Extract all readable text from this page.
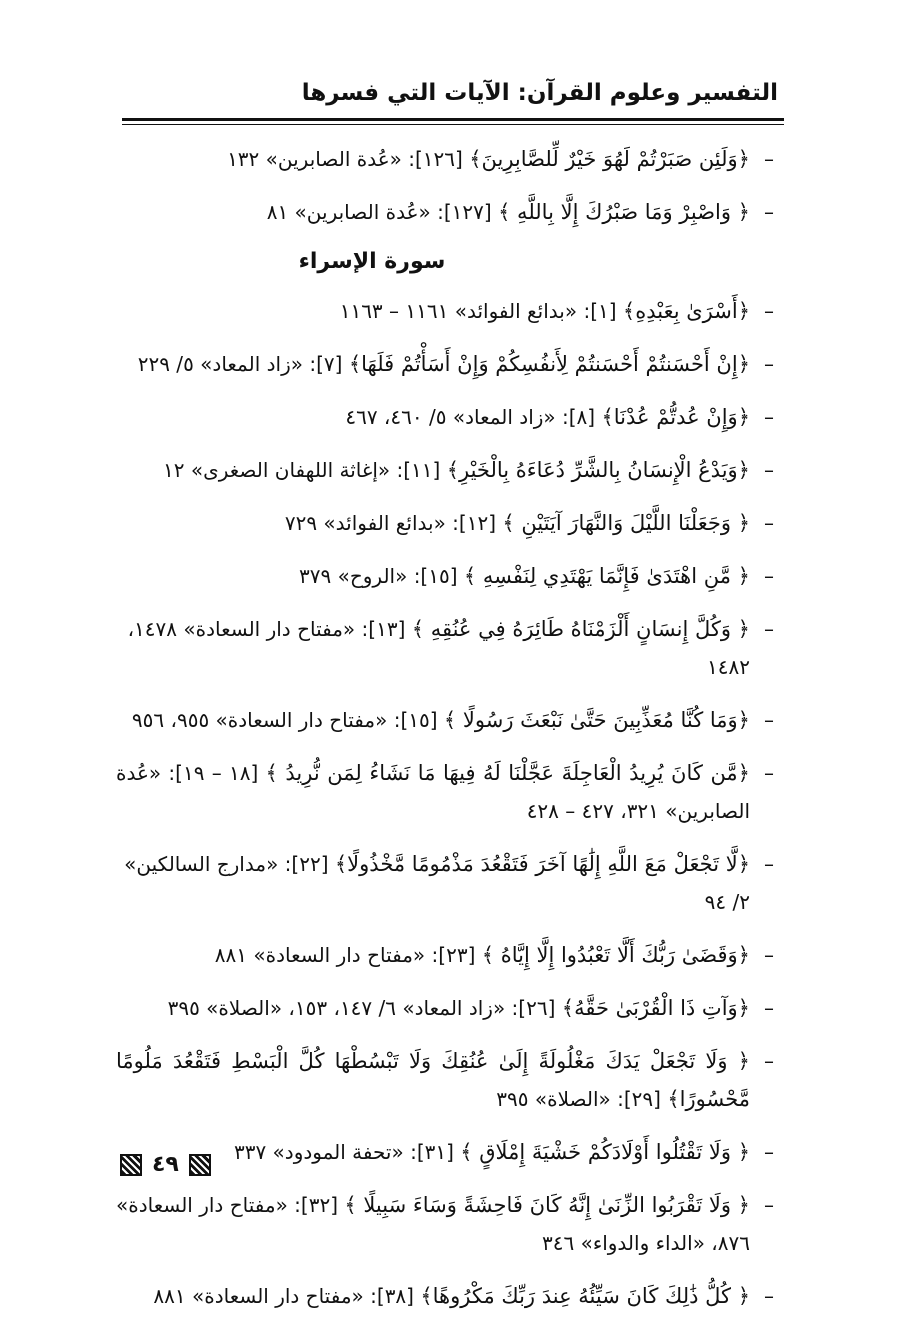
التفسير وعلوم القرآن: الآيات التي فسرها
–
﴿وَلَئِن صَبَرْتُمْ لَهُوَ خَيْرٌ لِّلصَّابِرِينَ﴾ [١٢٦]: «عُدة الصابرين» ١٣٢
–
﴿ وَاصْبِرْ وَمَا صَبْرُكَ إِلَّا بِاللَّهِ ﴾ [١٢٧]: «عُدة الصابرين» ٨١
سورة الإسراء
–
﴿أَسْرَىٰ بِعَبْدِهِ﴾ [١]: «بدائع الفوائد» ١١٦١ – ١١٦٣
–
﴿إِنْ أَحْسَنتُمْ أَحْسَنتُمْ لِأَنفُسِكُمْ وَإِنْ أَسَأْتُمْ فَلَهَا﴾ [٧]: «زاد المعاد» ٥/ ٢٢٩
–
﴿وَإِنْ عُدتُّمْ عُدْنَا﴾ [٨]: «زاد المعاد» ٥/ ٤٦٠، ٤٦٧
–
﴿وَيَدْعُ الْإِنسَانُ بِالشَّرِّ دُعَاءَهُ بِالْخَيْرِ﴾ [١١]: «إغاثة اللهفان الصغرى» ١٢
–
﴿ وَجَعَلْنَا اللَّيْلَ وَالنَّهَارَ آيَتَيْنِ ﴾ [١٢]: «بدائع الفوائد» ٧٢٩
–
﴿ مَّنِ اهْتَدَىٰ فَإِنَّمَا يَهْتَدِي لِنَفْسِهِ ﴾ [١٥]: «الروح» ٣٧٩
–
﴿ وَكُلَّ إِنسَانٍ أَلْزَمْنَاهُ طَائِرَهُ فِي عُنُقِهِ ﴾ [١٣]: «مفتاح دار السعادة» ١٤٧٨، ١٤٨٢
–
﴿وَمَا كُنَّا مُعَذِّبِينَ حَتَّىٰ نَبْعَثَ رَسُولًا ﴾ [١٥]: «مفتاح دار السعادة» ٩٥٥، ٩٥٦
–
﴿مَّن كَانَ يُرِيدُ الْعَاجِلَةَ عَجَّلْنَا لَهُ فِيهَا مَا نَشَاءُ لِمَن نُّرِيدُ ﴾ [١٨ – ١٩]: «عُدة الصابرين» ٣٢١، ٤٢٧ – ٤٢٨
–
﴿لَّا تَجْعَلْ مَعَ اللَّهِ إِلَٰهًا آخَرَ فَتَقْعُدَ مَذْمُومًا مَّخْذُولًا﴾ [٢٢]: «مدارج السالكين» ٢/ ٩٤
–
﴿وَقَضَىٰ رَبُّكَ أَلَّا تَعْبُدُوا إِلَّا إِيَّاهُ ﴾ [٢٣]: «مفتاح دار السعادة» ٨٨١
–
﴿وَآتِ ذَا الْقُرْبَىٰ حَقَّهُ﴾ [٢٦]: «زاد المعاد» ٦/ ١٤٧، ١٥٣، «الصلاة» ٣٩٥
–
﴿ وَلَا تَجْعَلْ يَدَكَ مَغْلُولَةً إِلَىٰ عُنُقِكَ وَلَا تَبْسُطْهَا كُلَّ الْبَسْطِ فَتَقْعُدَ مَلُومًا مَّحْسُورًا﴾ [٢٩]: «الصلاة» ٣٩٥
–
﴿ وَلَا تَقْتُلُوا أَوْلَادَكُمْ خَشْيَةَ إِمْلَاقٍ ﴾ [٣١]: «تحفة المودود» ٣٣٧
–
﴿ وَلَا تَقْرَبُوا الزِّنَىٰ إِنَّهُ كَانَ فَاحِشَةً وَسَاءَ سَبِيلًا ﴾ [٣٢]: «مفتاح دار السعادة» ٨٧٦، «الداء والدواء» ٣٤٦
–
﴿ كُلُّ ذَٰلِكَ كَانَ سَيِّئُهُ عِندَ رَبِّكَ مَكْرُوهًا﴾ [٣٨]: «مفتاح دار السعادة» ٨٨١
٤٩
